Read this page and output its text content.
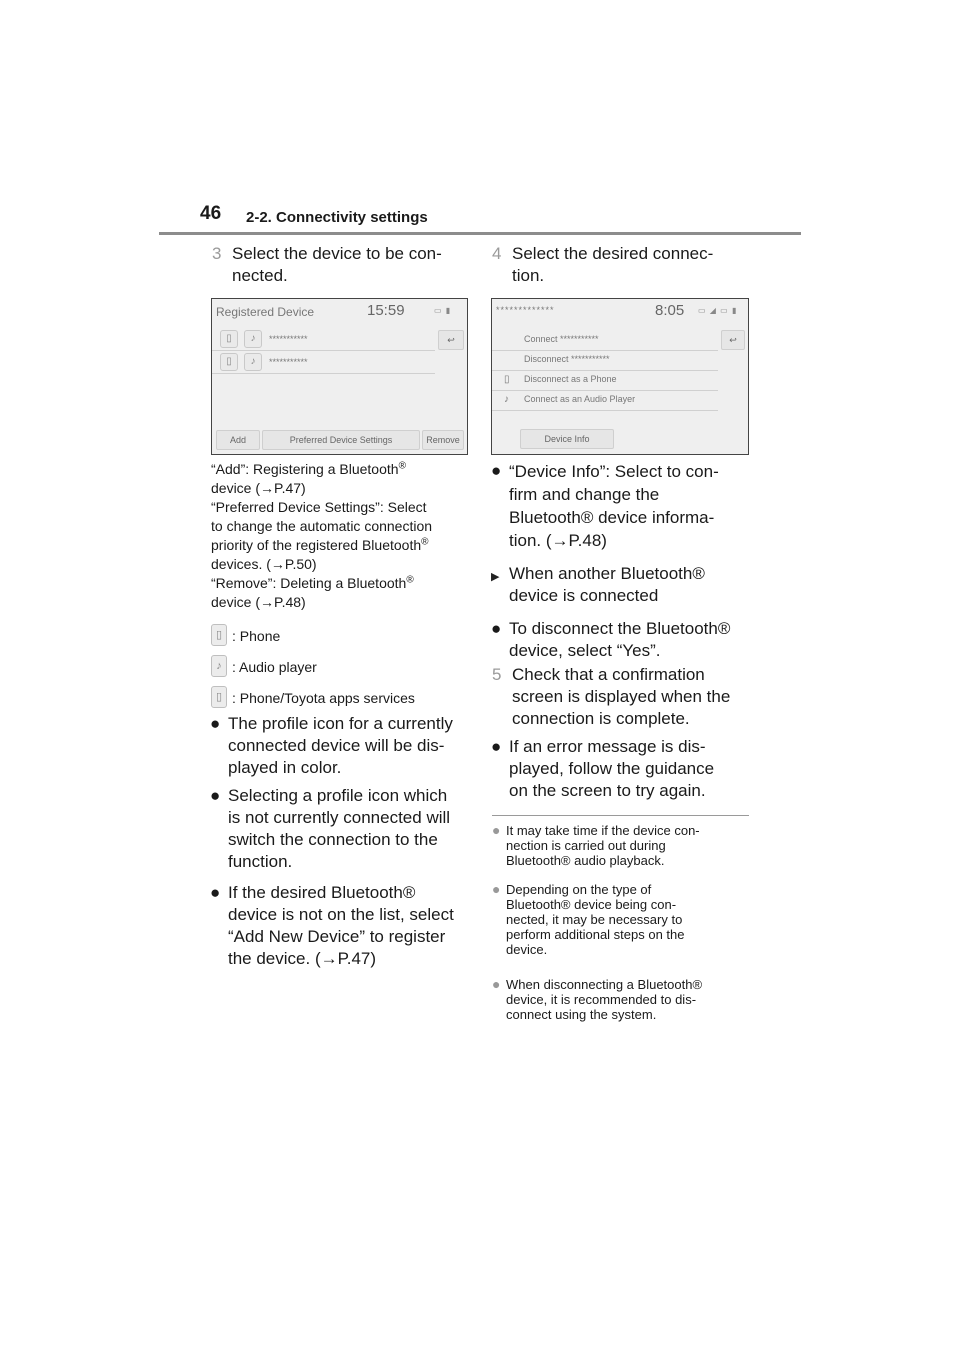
46 2-2. Connectivity settings
3 Select the device to be con-
nected.
Registered Device	15:59	▭ ▮
▯	♪	***********
▯	♪	***********
↩
Add	Preferred Device Settings	Remove
“Add”: Registering a Bluetooth®
device (→P.47)
“Preferred Device Settings”: Select
to change the automatic connection
priority of the registered Bluetooth®
devices. (→P.50)
“Remove”: Deleting a Bluetooth®
device (→P.48)
▯ : Phone
♪ : Audio player
▯ : Phone/Toyota apps services
● The profile icon for a currently
connected device will be dis-
played in color.
● Selecting a profile icon which
is not currently connected will
switch the connection to the
function.
● If the desired Bluetooth®
device is not on the list, select
“Add New Device” to register
the device. (→P.47)
4 Select the desired connec-
tion.
*************	8:05 ▭ ◢ ▭ ▮
Connect ***********
Disconnect ***********
▯ Disconnect as a Phone
♪ Connect as an Audio Player
↩
Device Info
● “Device Info”: Select to con-
firm and change the
Bluetooth® device informa-
tion. (→P.48)
▶ When another Bluetooth®
device is connected
● To disconnect the Bluetooth®
device, select “Yes”.
5 Check that a confirmation
screen is displayed when the
connection is complete.
● If an error message is dis-
played, follow the guidance
on the screen to try again.
● It may take time if the device con-
nection is carried out during
Bluetooth® audio playback.
● Depending on the type of
Bluetooth® device being con-
nected, it may be necessary to
perform additional steps on the
device.
● When disconnecting a Bluetooth®
device, it is recommended to dis-
connect using the system.
